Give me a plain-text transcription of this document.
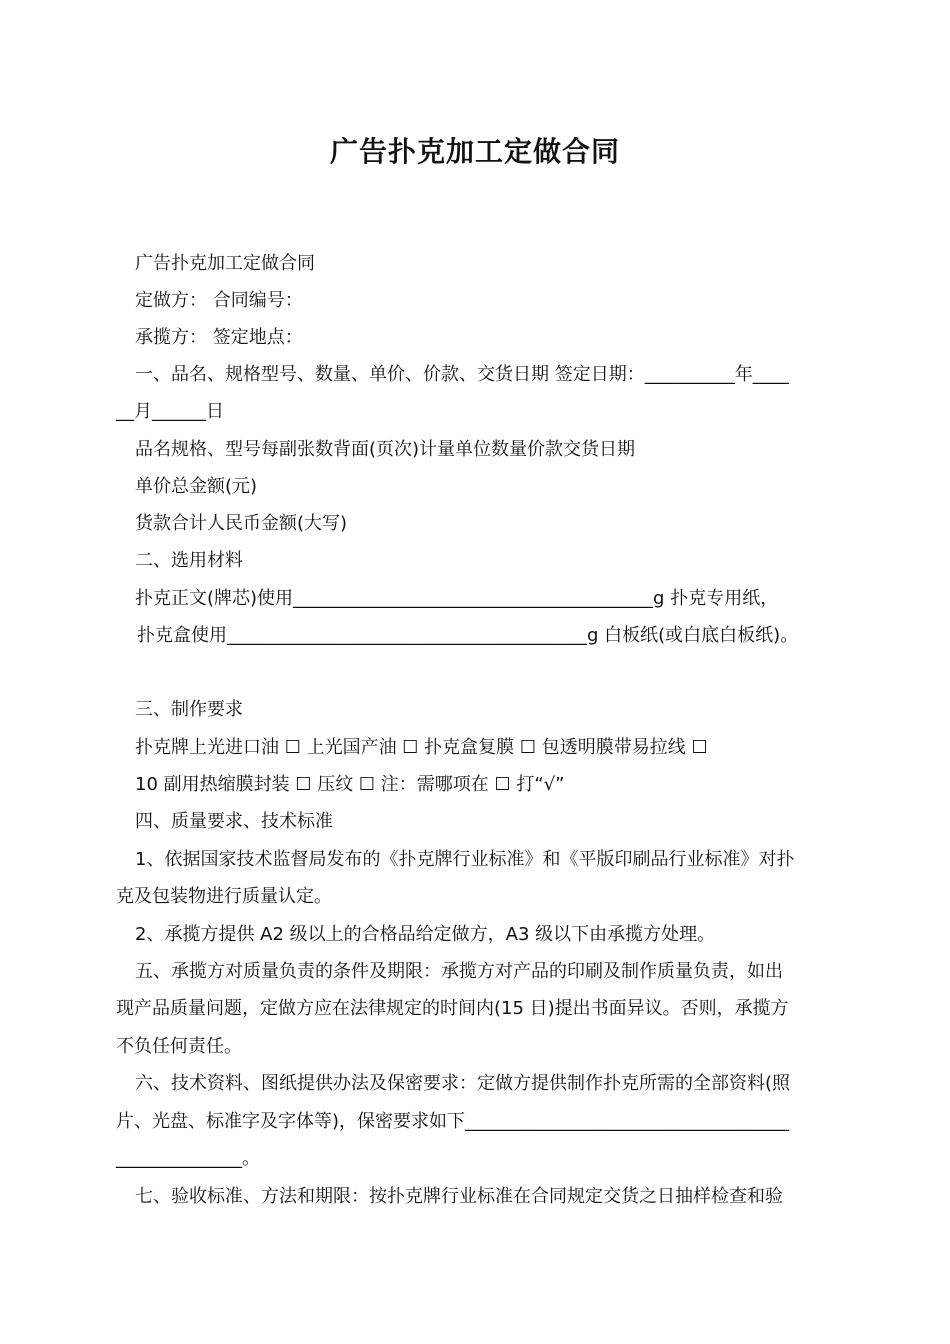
广告扑克加工定做合同
广告扑克加工定做合同
定做方： 合同编号：
承揽方： 签定地点：
一、品名、规格型号、数量、单价、价款、交货日期 签定日期：__________年____
__月______日
品名规格、型号每副张数背面(页次)计量单位数量价款交货日期
单价总金额(元)
货款合计人民币金额(大写)
二、选用材料
扑克正文(牌芯)使用________________________________________g 扑克专用纸，
扑克盒使用________________________________________g 白板纸(或白底白板纸)。
三、制作要求
扑克牌上光进口油 ☐ 上光国产油 ☐ 扑克盒复膜 ☐ 包透明膜带易拉线 ☐
10 副用热缩膜封装 ☐ 压纹 ☐ 注：需哪项在 ☐ 打“√”
四、质量要求、技术标准
1、依据国家技术监督局发布的《扑克牌行业标准》和《平版印刷品行业标准》对扑
克及包装物进行质量认定。
2、承揽方提供 A2 级以上的合格品给定做方，A3 级以下由承揽方处理。
五、承揽方对质量负责的条件及期限：承揽方对产品的印刷及制作质量负责，如出
现产品质量问题，定做方应在法律规定的时间内(15 日)提出书面异议。否则，承揽方
不负任何责任。
六、技术资料、图纸提供办法及保密要求：定做方提供制作扑克所需的全部资料(照
片、光盘、标准字及字体等)，保密要求如下____________________________________
______________。
七、验收标准、方法和期限：按扑克牌行业标准在合同规定交货之日抽样检查和验
